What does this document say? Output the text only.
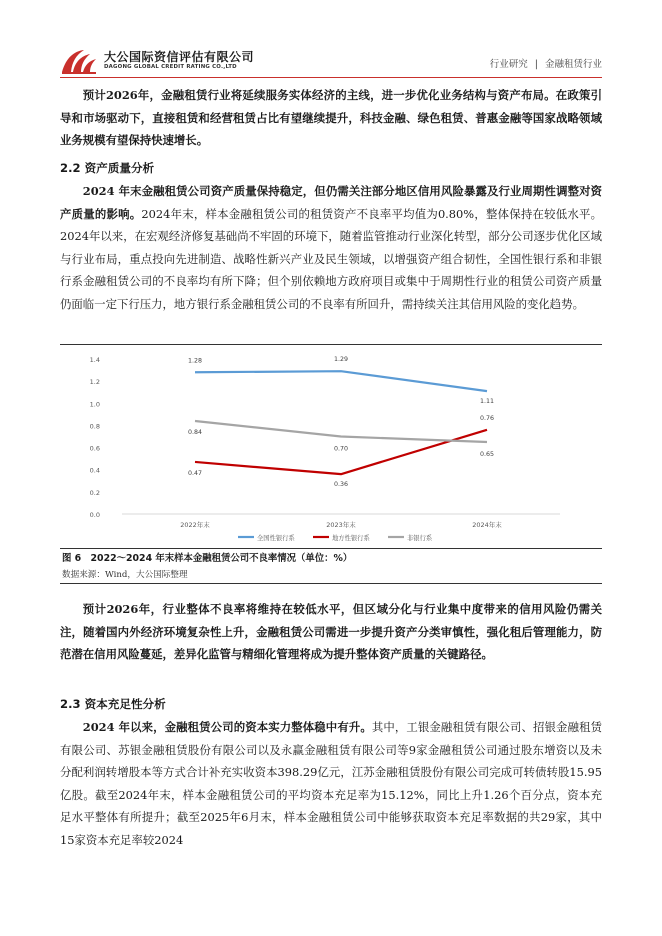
大公国际资信评估有限公司
DAGONG GLOBAL CREDIT RATING CO.,LTD	行业研究 | 金融租赁行业
预计2026年，金融租赁行业将延续服务实体经济的主线，进一步优化业务结构与资产布局。在政策引导和市场驱动下，直接租赁和经营租赁占比有望继续提升，科技金融、绿色租赁、普惠金融等国家战略领域业务规模有望保持快速增长。
2.2 资产质量分析
2024 年末金融租赁公司资产质量保持稳定，但仍需关注部分地区信用风险暴露及行业周期性调整对资产质量的影响。2024年末，样本金融租赁公司的租赁资产不良率平均值为0.80%，整体保持在较低水平。2024年以来，在宏观经济修复基础尚不牢固的环境下，随着监管推动行业深化转型，部分公司逐步优化区域与行业布局，重点投向先进制造、战略性新兴产业及民生领域，以增强资产组合韧性，全国性银行系和非银行系金融租赁公司的不良率均有所下降；但个别依赖地方政府项目或集中于周期性行业的租赁公司资产质量仍面临一定下行压力，地方银行系金融租赁公司的不良率有所回升，需持续关注其信用风险的变化趋势。
0.0
0.2
0.4
0.6
0.8
1.0
1.2
1.4
2022年末	2023年末	2024年末
1.28	1.29
1.11
0.47
0.36
0.76
0.84
0.70
0.65
全国性银行系	地方性银行系	非银行系
图 6　2022～2024 年末样本金融租赁公司不良率情况（单位：%）
数据来源：Wind，大公国际整理
预计2026年，行业整体不良率将维持在较低水平，但区域分化与行业集中度带来的信用风险仍需关注，随着国内外经济环境复杂性上升，金融租赁公司需进一步提升资产分类审慎性，强化租后管理能力，防范潜在信用风险蔓延，差异化监管与精细化管理将成为提升整体资产质量的关键路径。
2.3 资本充足性分析
2024 年以来，金融租赁公司的资本实力整体稳中有升。其中，工银金融租赁有限公司、招银金融租赁有限公司、苏银金融租赁股份有限公司以及永赢金融租赁有限公司等9家金融租赁公司通过股东增资以及未分配利润转增股本等方式合计补充实收资本398.29亿元，江苏金融租赁股份有限公司完成可转债转股15.95亿股。截至2024年末，样本金融租赁公司的平均资本充足率为15.12%，同比上升1.26个百分点，资本充足水平整体有所提升；截至2025年6月末，样本金融租赁公司中能够获取资本充足率数据的共29家，其中15家资本充足率较2024
